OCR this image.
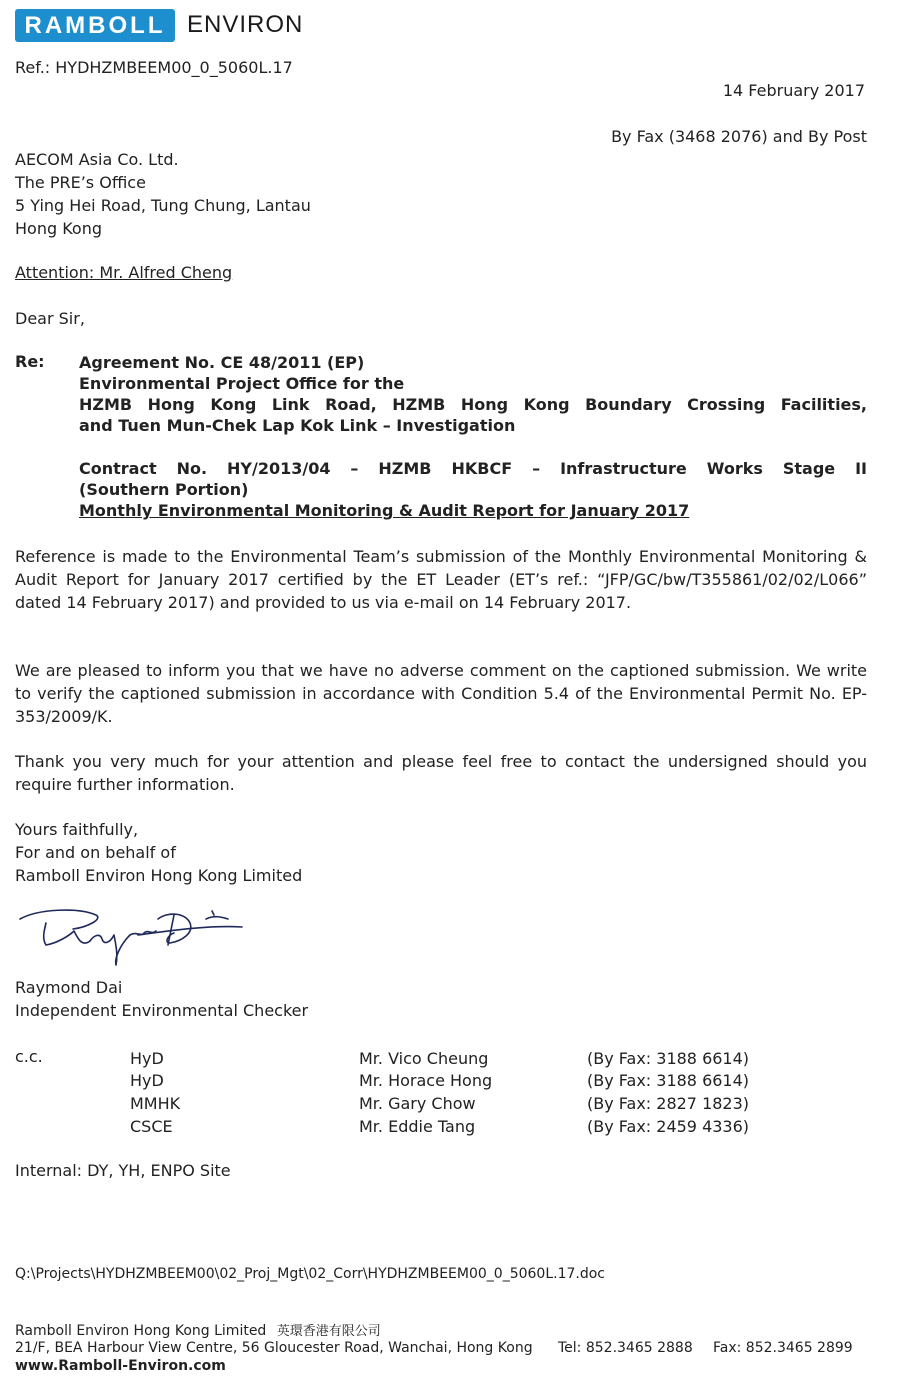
RAMBOLL ENVIRON

Ref.: HYDHZMBEEM00_0_5060L.17

14 February 2017

By Fax (3468 2076) and By Post

AECOM Asia Co. Ltd.
The PRE’s Office
5 Ying Hei Road, Tung Chung, Lantau
Hong Kong

Attention: Mr. Alfred Cheng

Dear Sir,

Re: Agreement No. CE 48/2011 (EP)
Environmental Project Office for the
HZMB Hong Kong Link Road, HZMB Hong Kong Boundary Crossing Facilities,
and Tuen Mun-Chek Lap Kok Link – Investigation
Contract No. HY/2013/04 – HZMB HKBCF – Infrastructure Works Stage II
(Southern Portion)
Monthly Environmental Monitoring & Audit Report for January 2017

Reference is made to the Environmental Team’s submission of the Monthly Environmental Monitoring & Audit Report for January 2017 certified by the ET Leader (ET’s ref.: “JFP/GC/bw/T355861/02/02/L066” dated 14 February 2017) and provided to us via e-mail on 14 February 2017.

We are pleased to inform you that we have no adverse comment on the captioned submission. We write to verify the captioned submission in accordance with Condition 5.4 of the Environmental Permit No. EP-353/2009/K.

Thank you very much for your attention and please feel free to contact the undersigned should you require further information.

Yours faithfully,
For and on behalf of
Ramboll Environ Hong Kong Limited

Raymond Dai

Independent Environmental Checker

c.c.	HyD	Mr. Vico Cheung	(By Fax: 3188 6614)
HyD	Mr. Horace Hong	(By Fax: 3188 6614)
MMHK	Mr. Gary Chow	(By Fax: 2827 1823)
CSCE	Mr. Eddie Tang	(By Fax: 2459 4336)

Internal: DY, YH, ENPO Site

Q:\Projects\HYDHZMBEEM00\02_Proj_Mgt\02_Corr\HYDHZMBEEM00_0_5060L.17.doc

Ramboll Environ Hong Kong Limited 英環香港有限公司

21/F, BEA Harbour View Centre, 56 Gloucester Road, Wanchai, Hong Kong Tel: 852.3465 2888 Fax: 852.3465 2899

www.Ramboll-Environ.com
